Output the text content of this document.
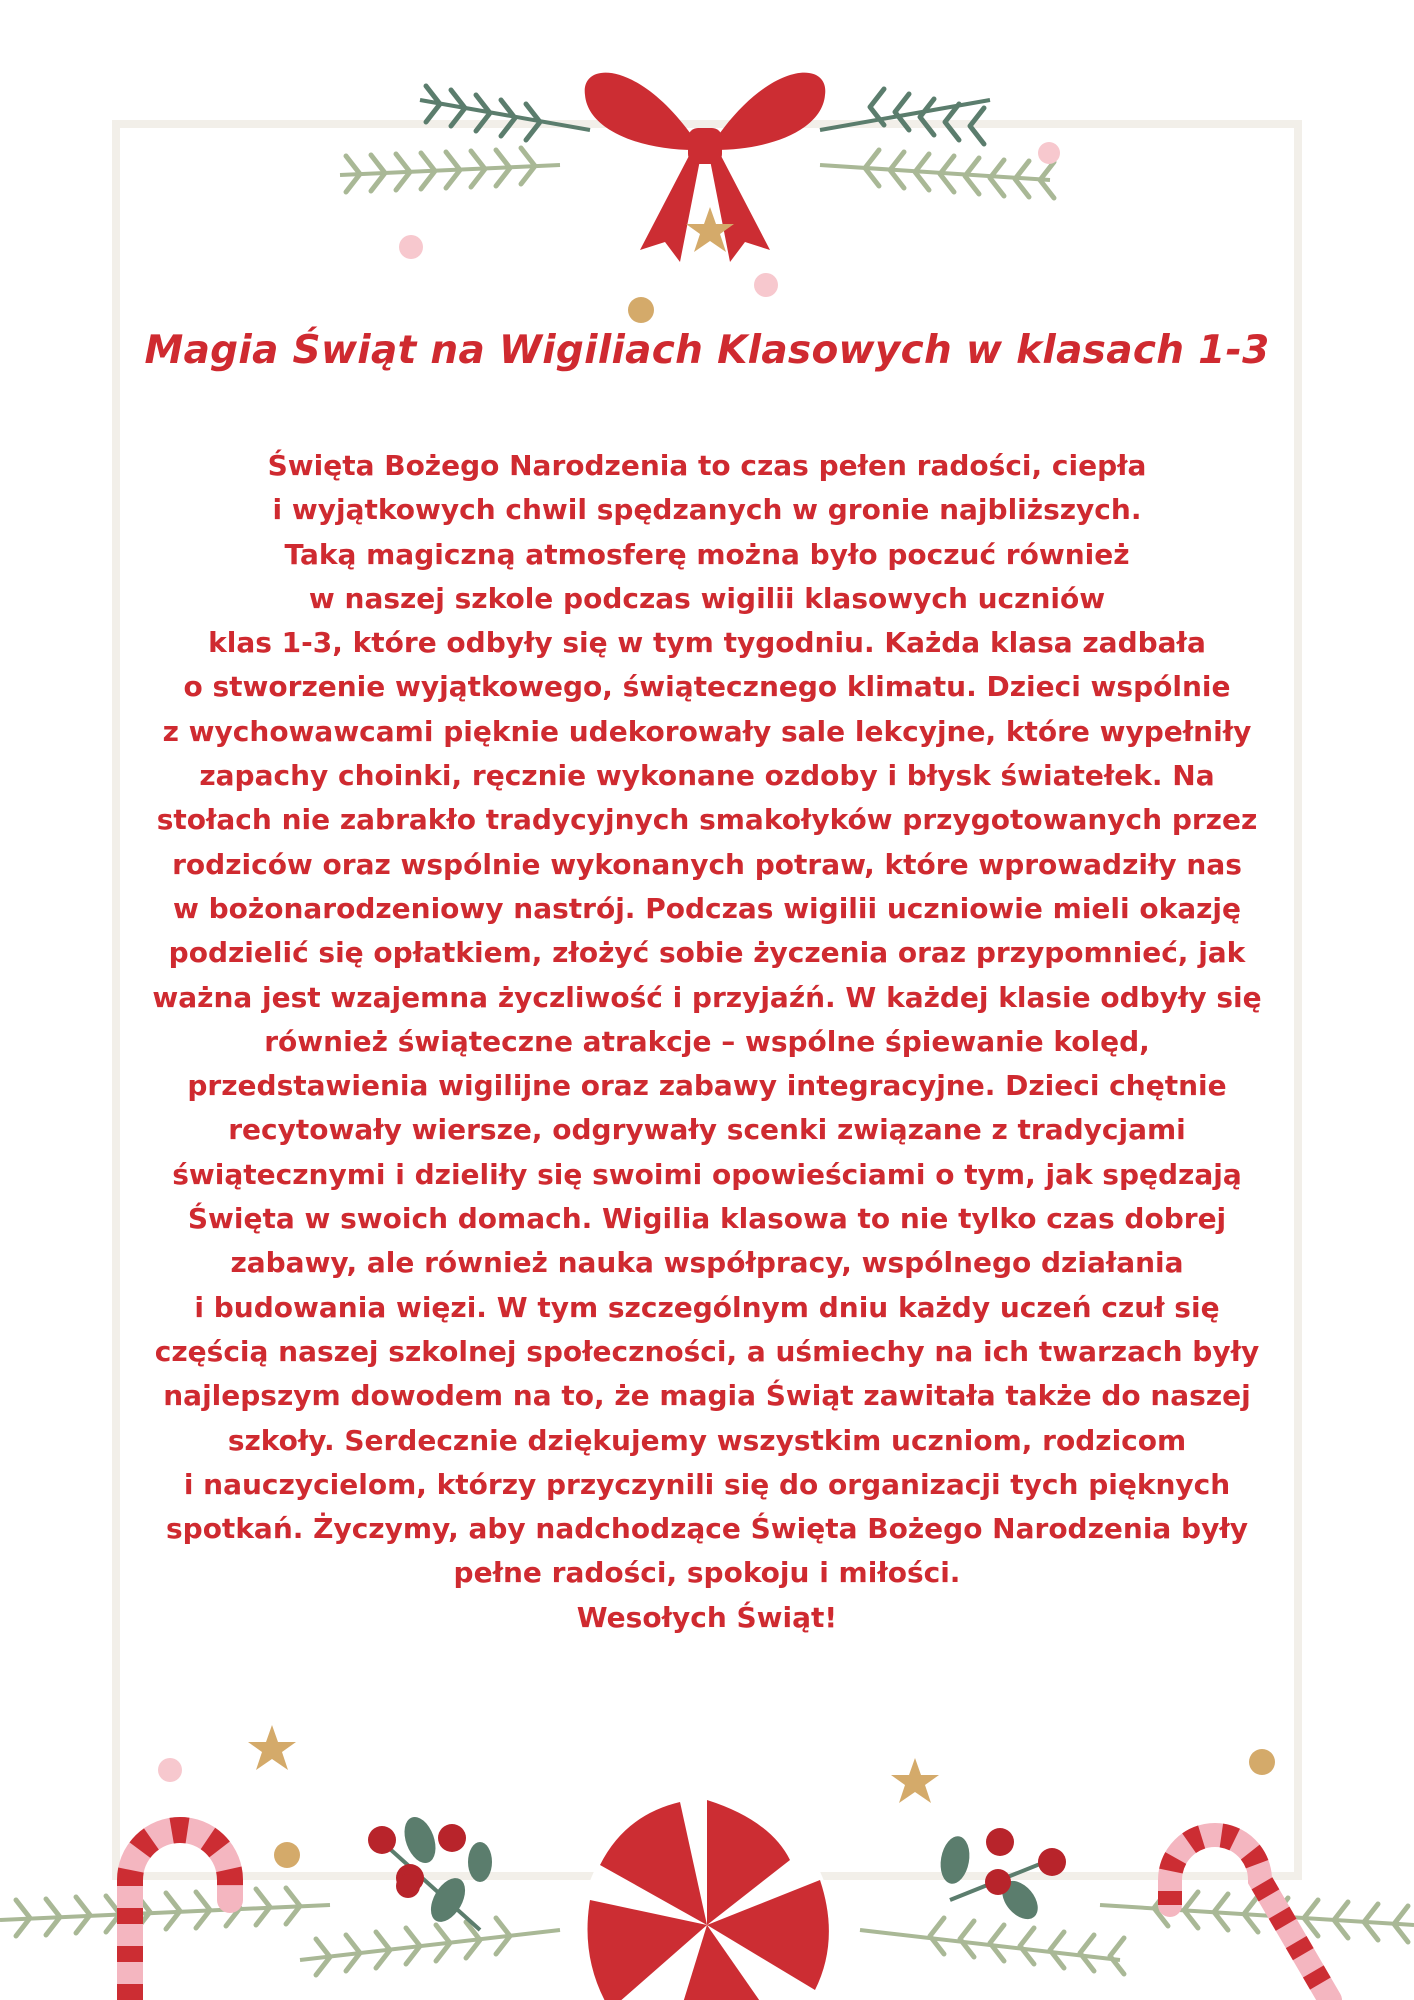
Magia Świąt na Wigiliach Klasowych w klasach 1-3
Święta Bożego Narodzenia to czas pełen radości, ciepła
i wyjątkowych chwil spędzanych w gronie najbliższych.
Taką magiczną atmosferę można było poczuć również
w naszej szkole podczas wigilii klasowych uczniów
klas 1-3, które odbyły się w tym tygodniu. Każda klasa zadbała
o stworzenie wyjątkowego, świątecznego klimatu. Dzieci wspólnie
z wychowawcami pięknie udekorowały sale lekcyjne, które wypełniły
zapachy choinki, ręcznie wykonane ozdoby i błysk światełek. Na
stołach nie zabrakło tradycyjnych smakołyków przygotowanych przez
rodziców oraz wspólnie wykonanych potraw, które wprowadziły nas
w bożonarodzeniowy nastrój. Podczas wigilii uczniowie mieli okazję
podzielić się opłatkiem, złożyć sobie życzenia oraz przypomnieć, jak
ważna jest wzajemna życzliwość i przyjaźń. W każdej klasie odbyły się
również świąteczne atrakcje – wspólne śpiewanie kolęd,
przedstawienia wigilijne oraz zabawy integracyjne. Dzieci chętnie
recytowały wiersze, odgrywały scenki związane z tradycjami
świątecznymi i dzieliły się swoimi opowieściami o tym, jak spędzają
Święta w swoich domach. Wigilia klasowa to nie tylko czas dobrej
zabawy, ale również nauka współpracy, wspólnego działania
i budowania więzi. W tym szczególnym dniu każdy uczeń czuł się
częścią naszej szkolnej społeczności, a uśmiechy na ich twarzach były
najlepszym dowodem na to, że magia Świąt zawitała także do naszej
szkoły. Serdecznie dziękujemy wszystkim uczniom, rodzicom
i nauczycielom, którzy przyczynili się do organizacji tych pięknych
spotkań. Życzymy, aby nadchodzące Święta Bożego Narodzenia były
pełne radości, spokoju i miłości.
Wesołych Świąt!
